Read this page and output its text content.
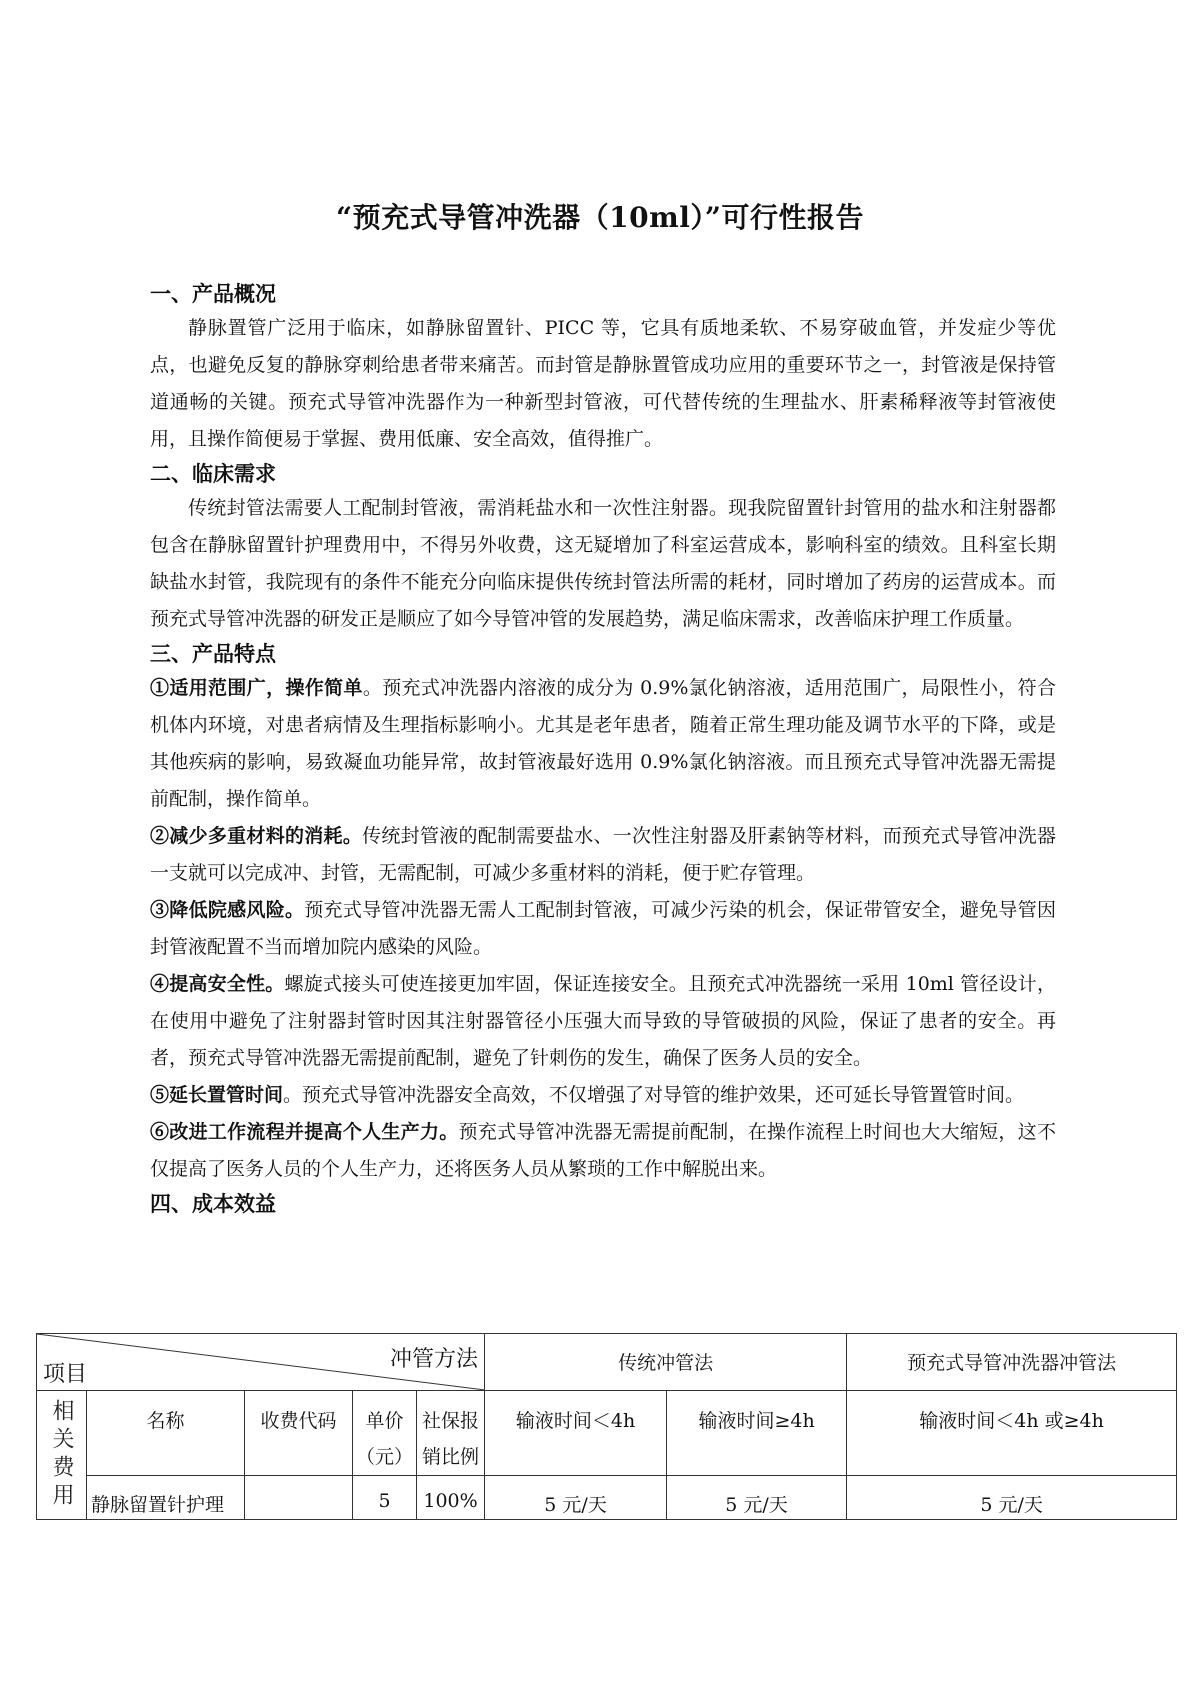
“预充式导管冲洗器（10ml）”可行性报告
一、产品概况

静脉置管广泛用于临床，如静脉留置针、PICC 等，它具有质地柔软、不易穿破血管，并发症少等优点，也避免反复的静脉穿刺给患者带来痛苦。而封管是静脉置管成功应用的重要环节之一，封管液是保持管道通畅的关键。预充式导管冲洗器作为一种新型封管液，可代替传统的生理盐水、肝素稀释液等封管液使用，且操作简便易于掌握、费用低廉、安全高效，值得推广。

二、临床需求

传统封管法需要人工配制封管液，需消耗盐水和一次性注射器。现我院留置针封管用的盐水和注射器都包含在静脉留置针护理费用中，不得另外收费，这无疑增加了科室运营成本，影响科室的绩效。且科室长期缺盐水封管，我院现有的条件不能充分向临床提供传统封管法所需的耗材，同时增加了药房的运营成本。而预充式导管冲洗器的研发正是顺应了如今导管冲管的发展趋势，满足临床需求，改善临床护理工作质量。

三、产品特点

①适用范围广，操作简单。预充式冲洗器内溶液的成分为 0.9%氯化钠溶液，适用范围广，局限性小，符合机体内环境，对患者病情及生理指标影响小。尤其是老年患者，随着正常生理功能及调节水平的下降，或是其他疾病的影响，易致凝血功能异常，故封管液最好选用 0.9%氯化钠溶液。而且预充式导管冲洗器无需提前配制，操作简单。

②减少多重材料的消耗。传统封管液的配制需要盐水、一次性注射器及肝素钠等材料，而预充式导管冲洗器一支就可以完成冲、封管，无需配制，可减少多重材料的消耗，便于贮存管理。

③降低院感风险。预充式导管冲洗器无需人工配制封管液，可减少污染的机会，保证带管安全，避免导管因封管液配置不当而增加院内感染的风险。

④提高安全性。螺旋式接头可使连接更加牢固，保证连接安全。且预充式冲洗器统一采用 10ml 管径设计，在使用中避免了注射器封管时因其注射器管径小压强大而导致的导管破损的风险，保证了患者的安全。再者，预充式导管冲洗器无需提前配制，避免了针刺伤的发生，确保了医务人员的安全。

⑤延长置管时间。预充式导管冲洗器安全高效，不仅增强了对导管的维护效果，还可延长导管置管时间。

⑥改进工作流程并提高个人生产力。预充式导管冲洗器无需提前配制，在操作流程上时间也大大缩短，这不仅提高了医务人员的个人生产力，还将医务人员从繁琐的工作中解脱出来。

四、成本效益
冲管方法
项目					传统冲管法		预充式导管冲洗器冲管法

相关费用	名称	收费代码	单价（元）	社保报销比例	输液时间＜4h	输液时间≥4h	输液时间＜4h 或≥4h
	静脉留置针护理		5	100%	5 元/天	5 元/天	5 元/天
